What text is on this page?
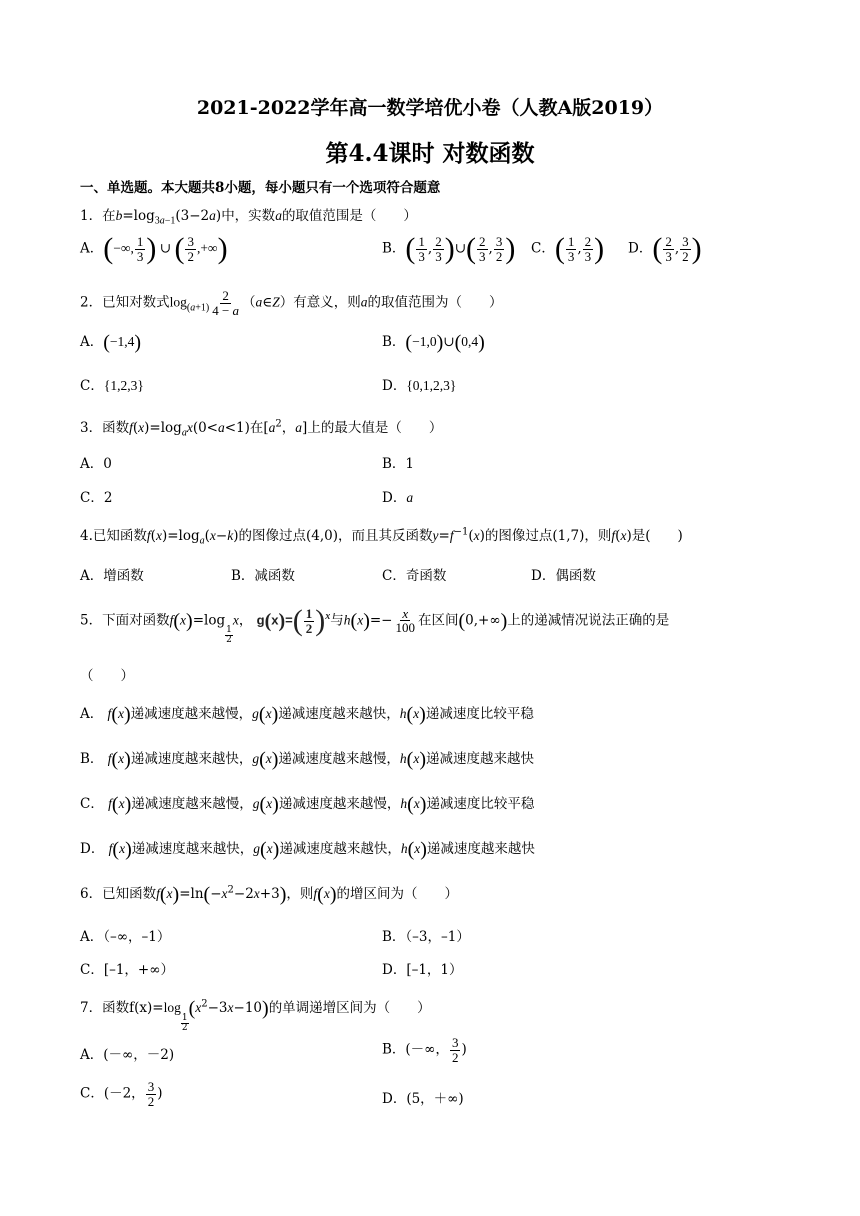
2021-2022学年高一数学培优小卷（人教A版2019）
第4.4课时 对数函数
一、单选题。本大题共8小题，每小题只有一个选项符合题意
1．在$b=\log_{3a-1}(3-2a)$中，实数a的取值范围是（　　）
A．(−∞, $\frac{1}{3}$ ) ∪ ( $\frac{3}{2}$ ,+∞)	B．( $\frac{1}{3}$ , $\frac{2}{3}$ )∪( $\frac{2}{3}$ , $\frac{3}{2}$ ) C．( $\frac{1}{3}$ , $\frac{2}{3}$ ) D．( $\frac{2}{3}$ , $\frac{3}{2}$ )
2．已知对数式$\log_{(a+1)} \frac{2}{4 - a}$ （a∈Z）有意义，则a的取值范围为（　　）
A．(−1,4)	B．(−1,0)∪(0,4)
C．{1,2,3}	D．{0,1,2,3}
3．函数$f(x)=\log_ax(0<a<1)$在[$a^2$，a]上的最大值是（　　）
A．0	B．1
C．2	D．a
4.已知函数$f(x)=\log_a(x-k)$的图像过点(4,0)，而且其反函数$y=f^{-1}(x)$的图像过点(1,7)，则f(x)是(　　)
A．增函数	B．减函数	C．奇函数	D．偶函数
5．下面对函数f(x)=log
$\frac{1}{2}$
x， $g(x)=( \frac{1}{2} )^x$与$h(x)=- \frac{x}{100}$ 在区间(0,+∞)上的递减情况说法正确的是
（　　）
A． f(x)递减速度越来越慢，g(x)递减速度越来越快，h(x)递减速度比较平稳
B． f(x)递减速度越来越快，g(x)递减速度越来越慢，h(x)递减速度越来越快
C． f(x)递减速度越来越慢，g(x)递减速度越来越慢，h(x)递减速度比较平稳
D． f(x)递减速度越来越快，g(x)递减速度越来越快，h(x)递减速度越来越快
6．已知函数$f(x)=\ln(-x^2-2x+3)$，则f(x)的增区间为（　　）
A．（–∞，–1）	B．（–3，–1）
C．[–1，+∞）	D．[–1，1）
7．函数f(x)=log
$\frac{1}{2}$
$(x^2-3x-10)$的单调递增区间为（　　）
A．(－∞，－2)	B．(－∞， $\frac{3}{2}$ )
C．(－2， $\frac{3}{2}$ )	D．(5，＋∞)
